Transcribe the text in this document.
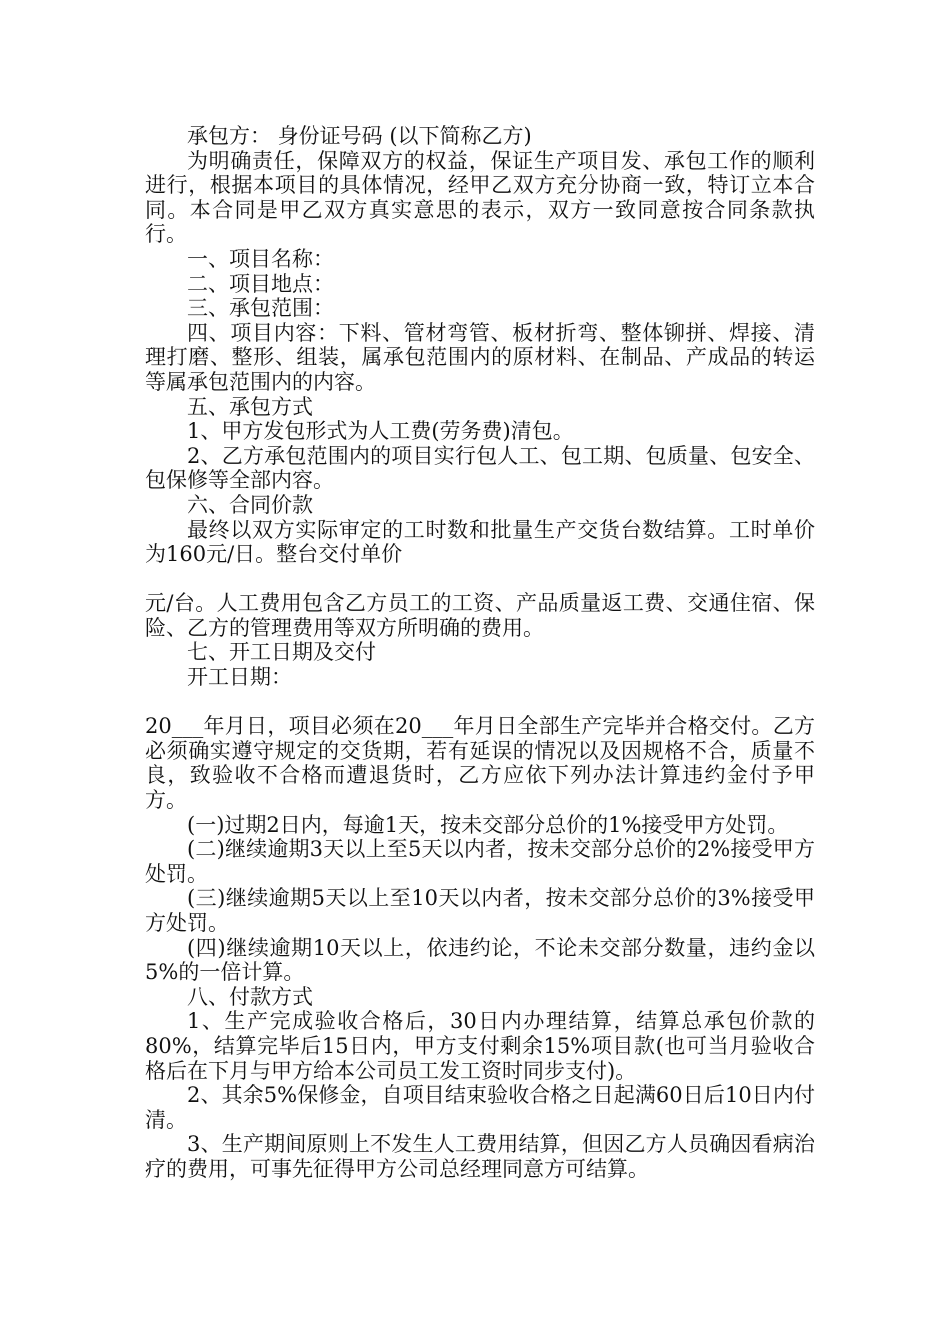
承包方： 身份证号码 (以下简称乙方)

为明确责任，保障双方的权益，保证生产项目发、承包工作的顺利进行，根据本项目的具体情况，经甲乙双方充分协商一致，特订立本合同。本合同是甲乙双方真实意思的表示，双方一致同意按合同条款执行。

一、项目名称：

二、项目地点：

三、承包范围：

四、项目内容：下料、管材弯管、板材折弯、整体铆拼、焊接、清理打磨、整形、组装，属承包范围内的原材料、在制品、产成品的转运等属承包范围内的内容。

五、承包方式

1、甲方发包形式为人工费(劳务费)清包。

2、乙方承包范围内的项目实行包人工、包工期、包质量、包安全、包保修等全部内容。

六、合同价款

最终以双方实际审定的工时数和批量生产交货台数结算。工时单价为160元/日。整台交付单价

元/台。人工费用包含乙方员工的工资、产品质量返工费、交通住宿、保险、乙方的管理费用等双方所明确的费用。

七、开工日期及交付

开工日期：

20___年月日，项目必须在20___年月日全部生产完毕并合格交付。乙方必须确实遵守规定的交货期，若有延误的情况以及因规格不合，质量不良，致验收不合格而遭退货时，乙方应依下列办法计算违约金付予甲方。

(一)过期2日内，每逾1天，按未交部分总价的1%接受甲方处罚。

(二)继续逾期3天以上至5天以内者，按未交部分总价的2%接受甲方处罚。

(三)继续逾期5天以上至10天以内者，按未交部分总价的3%接受甲方处罚。

(四)继续逾期10天以上，依违约论，不论未交部分数量，违约金以5%的一倍计算。

八、付款方式

1、生产完成验收合格后，30日内办理结算，结算总承包价款的80%，结算完毕后15日内，甲方支付剩余15%项目款(也可当月验收合格后在下月与甲方给本公司员工发工资时同步支付)。

2、其余5%保修金，自项目结束验收合格之日起满60日后10日内付清。

3、生产期间原则上不发生人工费用结算，但因乙方人员确因看病治疗的费用，可事先征得甲方公司总经理同意方可结算。
